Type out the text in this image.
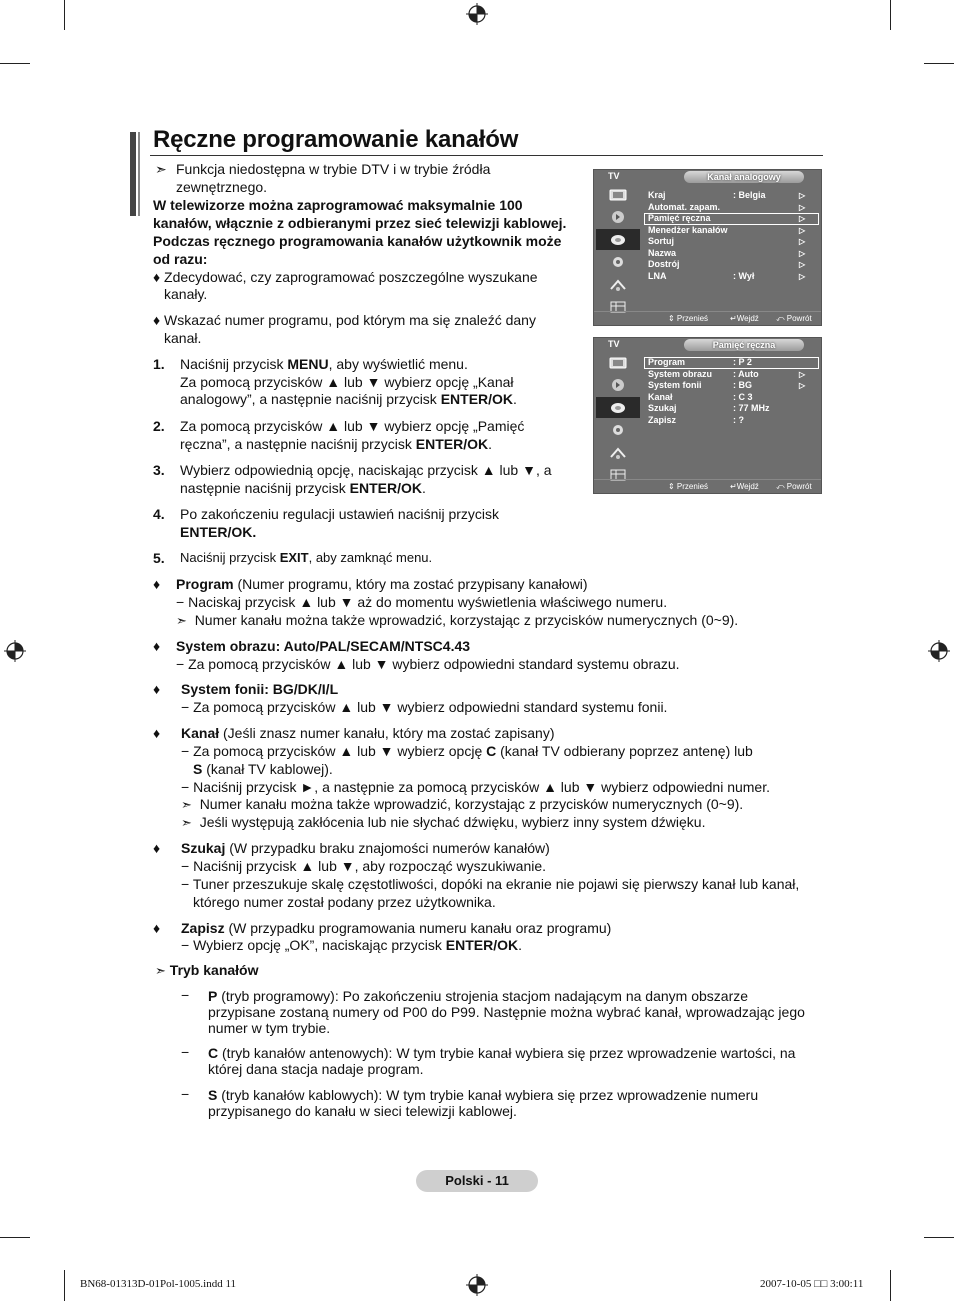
Ręczne programowanie kanałów
➣ Funkcja niedostępna w trybie DTV i w trybie źródła
zewnętrznego.
W telewizorze można zaprogramować maksymalnie 100
kanałów, włącznie z odbieranymi przez sieć telewizji kablowej.
Podczas ręcznego programowania kanałów użytkownik może
od razu:
♦ Zdecydować, czy zaprogramować poszczególne wyszukane
kanały.
♦ Wskazać numer programu, pod którym ma się znaleźć dany
kanał.
1. Naciśnij przycisk MENU, aby wyświetlić menu.
Za pomocą przycisków ▲ lub ▼ wybierz opcję „Kanał
analogowy”, a następnie naciśnij przycisk ENTER/OK.
2. Za pomocą przycisków ▲ lub ▼ wybierz opcję „Pamięć
ręczna”, a następnie naciśnij przycisk ENTER/OK.
3. Wybierz odpowiednią opcję, naciskając przycisk ▲ lub ▼, a
następnie naciśnij przycisk ENTER/OK.
4. Po zakończeniu regulacji ustawień naciśnij przycisk
ENTER/OK.
5. Naciśnij przycisk EXIT, aby zamknąć menu.
♦ Program (Numer programu, który ma zostać przypisany kanałowi)
− Naciskaj przycisk ▲ lub ▼ aż do momentu wyświetlenia właściwego numeru.
➣ Numer kanału można także wprowadzić, korzystając z przycisków numerycznych (0~9).
♦ System obrazu: Auto/PAL/SECAM/NTSC4.43
− Za pomocą przycisków ▲ lub ▼ wybierz odpowiedni standard systemu obrazu.
♦ System fonii: BG/DK/I/L
− Za pomocą przycisków ▲ lub ▼ wybierz odpowiedni standard systemu fonii.
♦ Kanał (Jeśli znasz numer kanału, który ma zostać zapisany)
− Za pomocą przycisków ▲ lub ▼ wybierz opcję C (kanał TV odbierany poprzez antenę) lub
S (kanał TV kablowej).
− Naciśnij przycisk ►, a następnie za pomocą przycisków ▲ lub ▼ wybierz odpowiedni numer.
➣ Numer kanału można także wprowadzić, korzystając z przycisków numerycznych (0~9).
➣ Jeśli występują zakłócenia lub nie słychać dźwięku, wybierz inny system dźwięku.
♦ Szukaj (W przypadku braku znajomości numerów kanałów)
− Naciśnij przycisk ▲ lub ▼, aby rozpocząć wyszukiwanie.
− Tuner przeszukuje skalę częstotliwości, dopóki na ekranie nie pojawi się pierwszy kanał lub kanał,
którego numer został podany przez użytkownika.
♦ Zapisz (W przypadku programowania numeru kanału oraz programu)
− Wybierz opcję „OK”, naciskając przycisk ENTER/OK.
➣ Tryb kanałów
− P (tryb programowy): Po zakończeniu strojenia stacjom nadającym na danym obszarze
przypisane zostaną numery od P00 do P99. Następnie można wybrać kanał, wprowadzając jego
numer w tym trybie.
− C (tryb kanałów antenowych): W tym trybie kanał wybiera się przez wprowadzenie wartości, na
której dana stacja nadaje program.
− S (tryb kanałów kablowych): W tym trybie kanał wybiera się przez wprowadzenie numeru
przypisanego do kanału w sieci telewizji kablowej.
TV	Kanał analogowy
Kraj	: Belgia	▷
Automat. zapam.	▷
Pamięć ręczna	▷
Menedżer kanałów	▷
Sortuj	▷
Nazwa	▷
Dostrój	▷
LNA	: Wył	▷
⇕ Przenieś	↵Wejdź ⤺ Powrót
TV	Pamięć ręczna
Program	: P 2
System obrazu : Auto	▷
System fonii	: BG	▷
Kanał	: C 3
Szukaj	: 77 MHz
Zapisz	: ?
⇕ Przenieś	↵Wejdź ⤺ Powrót
Polski - 11
BN68-01313D-01Pol-1005.indd 11	2007-10-05 □□ 3:00:11
